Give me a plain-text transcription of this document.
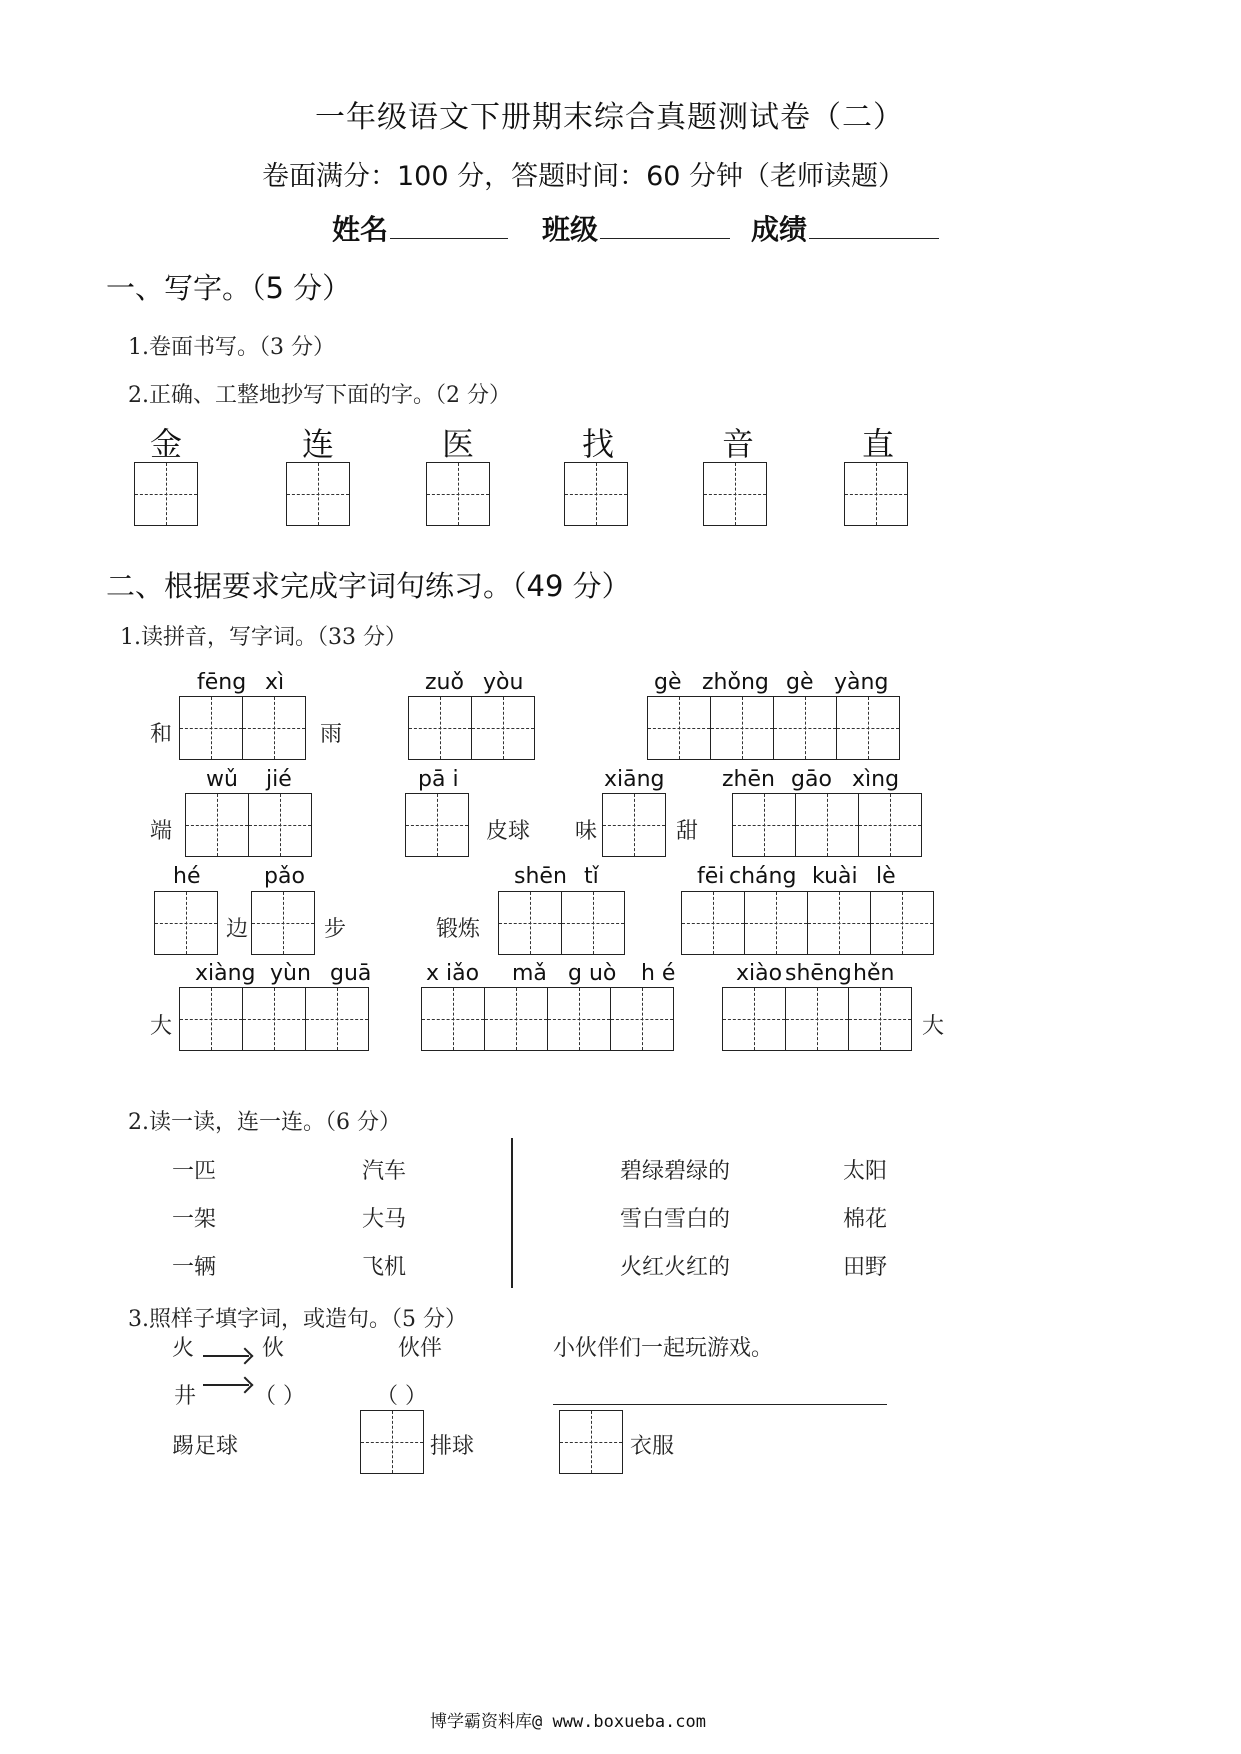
一年级语文下册期末综合真题测试卷（二）
卷面满分：100 分，答题时间：60 分钟（老师读题）
姓名	班级	成绩
一、写字。（5 分）
1.卷面书写。（3 分）
2.正确、工整地抄写下面的字。（2 分）
金	连	医	找	音	直
二、根据要求完成字词句练习。（49 分）
1.读拼音，写字词。（33 分）
fēng xì
和	雨
zuǒ yòu	gè zhǒng gè yàng
wǔ jié
端
pā i
皮球
xiāng
味	甜
zhēn gāo xìng
hé
边
pǎo
步	锻炼
shēn tǐ	fēi cháng kuài lè
xiàng yùn guā
大
x iǎo mǎ g uò h é	xiào shēng hěn
大
2.读一读，连一连。（6 分）
一匹	汽车
一架	大马
一辆	飞机
碧绿碧绿的	太阳
雪白雪白的	棉花
火红火红的	田野
3.照样子填字词，或造句。（5 分）
火	伙	伙伴	小伙伴们一起玩游戏。
井	（ ）	（ ）
踢足球	排球	衣服
博学霸资料库@ www.boxueba.com
